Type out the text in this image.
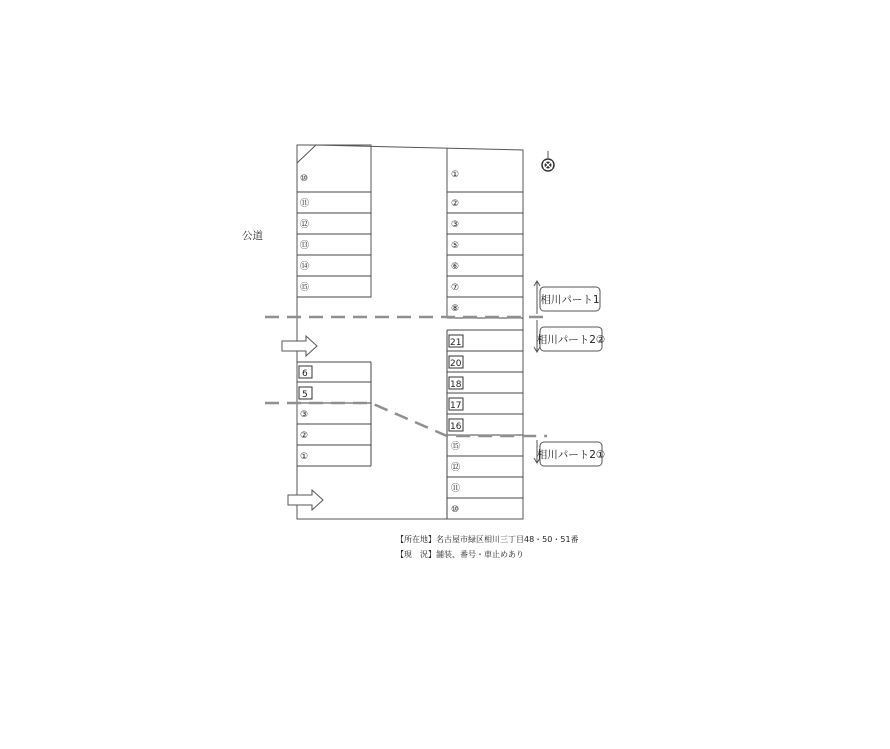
相川パート1
相川パート2②
相川パート2①
公道
⑩
⑪
⑫
⑬
⑭
⑮
①
②
③
⑤
⑥
⑦
⑧
6
5
③
②
①
21
20
18
17
16
⑮
⑫
⑪
⑩
【所在地】名古屋市緑区相川三丁目48・50・51番
【現　況】舗装、番号・車止めあり
